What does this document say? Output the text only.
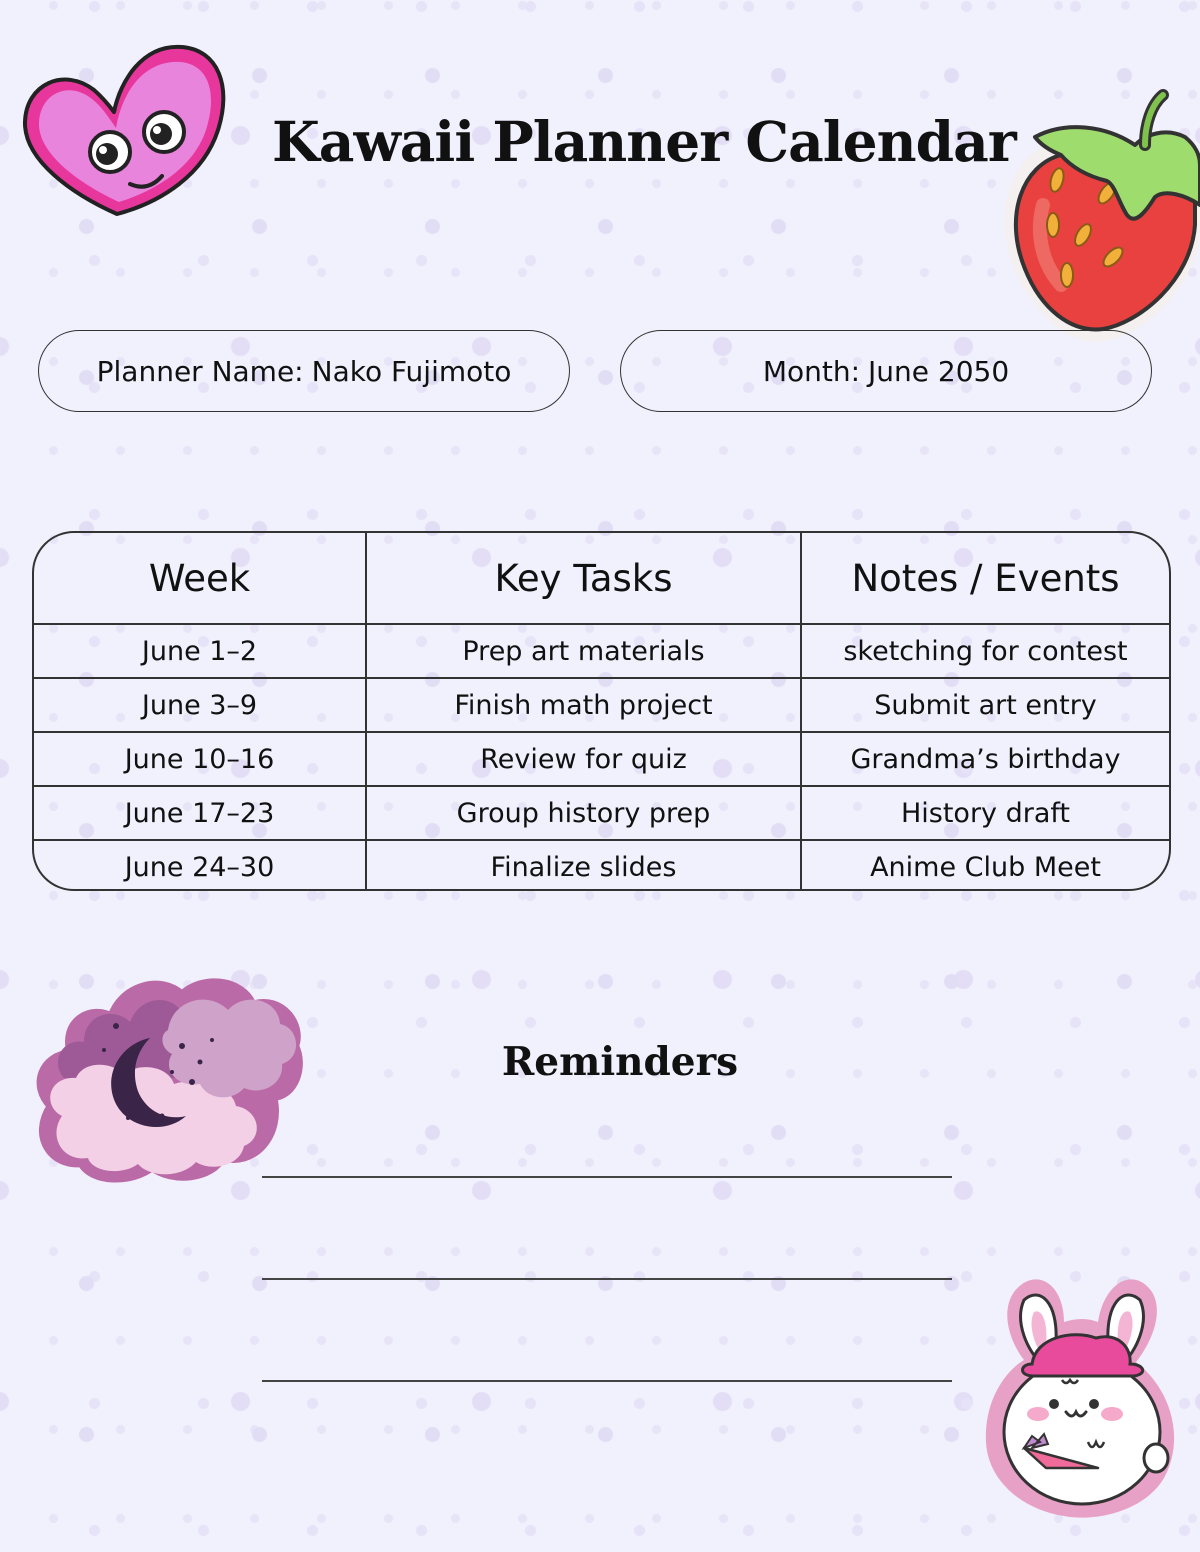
Kawaii Planner Calendar
Planner Name: Nako Fujimoto	Month: June 2050
Week	Key Tasks	Notes / Events
June 1–2	Prep art materials	sketching for contest
June 3–9	Finish math project	Submit art entry
June 10–16	Review for quiz	Grandma’s birthday
June 17–23	Group history prep	History draft
June 24–30	Finalize slides	Anime Club Meet
Reminders
